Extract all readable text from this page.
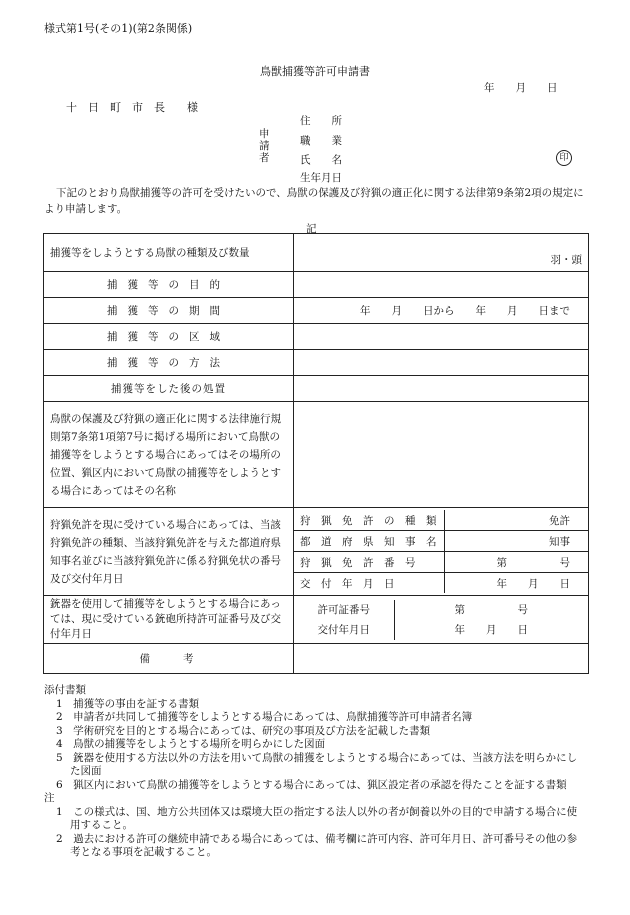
様式第1号(その1)(第2条関係)
鳥獣捕獲等許可申請書
年　　月　　日
十　日　町　市　長　　様
申請者
住　　所
職　　業
氏　　名
生年月日
印
下記のとおり鳥獣捕獲等の許可を受けたいので、鳥獣の保護及び狩猟の適正化に関する法律第9条第2項の規定により申請します。
記
捕獲等をしようとする鳥獣の種類及び数量	羽・頭
捕獲等の目的	
捕獲等の期間	年　　月　　日から　　年　　月　　日まで
捕獲等の区域	
捕獲等の方法	
捕獲等をした後の処置	
鳥獣の保護及び狩猟の適正化に関する法律施行規則第7条第1項第7号に掲げる場所において鳥獣の捕獲等をしようとする場合にあってはその場所の位置、猟区内において鳥獣の捕獲等をしようとする場合にあってはその名称	
狩猟免許を現に受けている場合にあっては、当該狩猟免許の種類、当該狩猟免許を与えた都道府県知事名並びに当該狩猟免許に係る狩猟免状の番号及び交付年月日	
狩　猟　免　許　の　種　類	免許
都　道　府　県　知　事　名	知事
狩　猟　免　許　番　号	第　　　　　号
交　付　年　月　日	年　　月　　日

銃器を使用して捕獲等をしようとする場合にあっては、現に受けている銃砲所持許可証番号及び交付年月日	
許可証番号	第　　　　　号
交付年月日	年　　月　　日

備　　考	

添付書類

1　捕獲等の事由を証する書類

2　申請者が共同して捕獲等をしようとする場合にあっては、鳥獣捕獲等許可申請者名簿

3　学術研究を目的とする場合にあっては、研究の事項及び方法を記載した書類

4　鳥獣の捕獲等をしようとする場所を明らかにした図面

5　銃器を使用する方法以外の方法を用いて鳥獣の捕獲をしようとする場合にあっては、当該方法を明らかにした図面

6　猟区内において鳥獣の捕獲等をしようとする場合にあっては、猟区設定者の承認を得たことを証する書類

注

1　この様式は、国、地方公共団体又は環境大臣の指定する法人以外の者が飼養以外の目的で申請する場合に使用すること。

2　過去における許可の継続申請である場合にあっては、備考欄に許可内容、許可年月日、許可番号その他の参考となる事項を記載すること。
